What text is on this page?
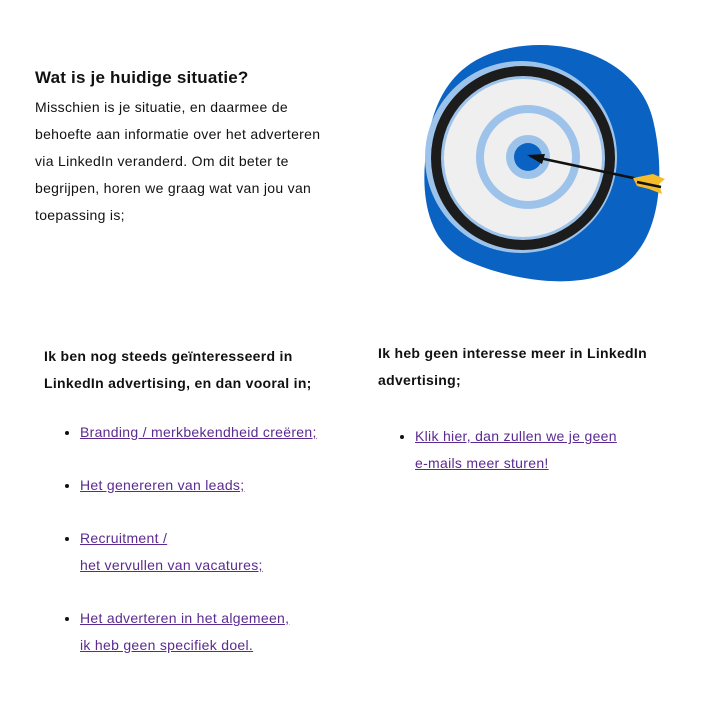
Wat is je huidige situatie?

Misschien is je situatie, en daarmee de behoefte aan informatie over het adverteren via LinkedIn veranderd. Om dit beter te begrijpen, horen we graag wat van jou van toepassing is;

Ik ben nog steeds geïnteresseerd in LinkedIn advertising, en dan vooral in;
• Branding / merkbekendheid creëren;
• Het genereren van leads;
• Recruitment /
het vervullen van vacatures;
• Het adverteren in het algemeen,
ik heb geen specifiek doel.
Ik heb geen interesse meer in LinkedIn advertising;
• Klik hier, dan zullen we je geen
e-mails meer sturen!
